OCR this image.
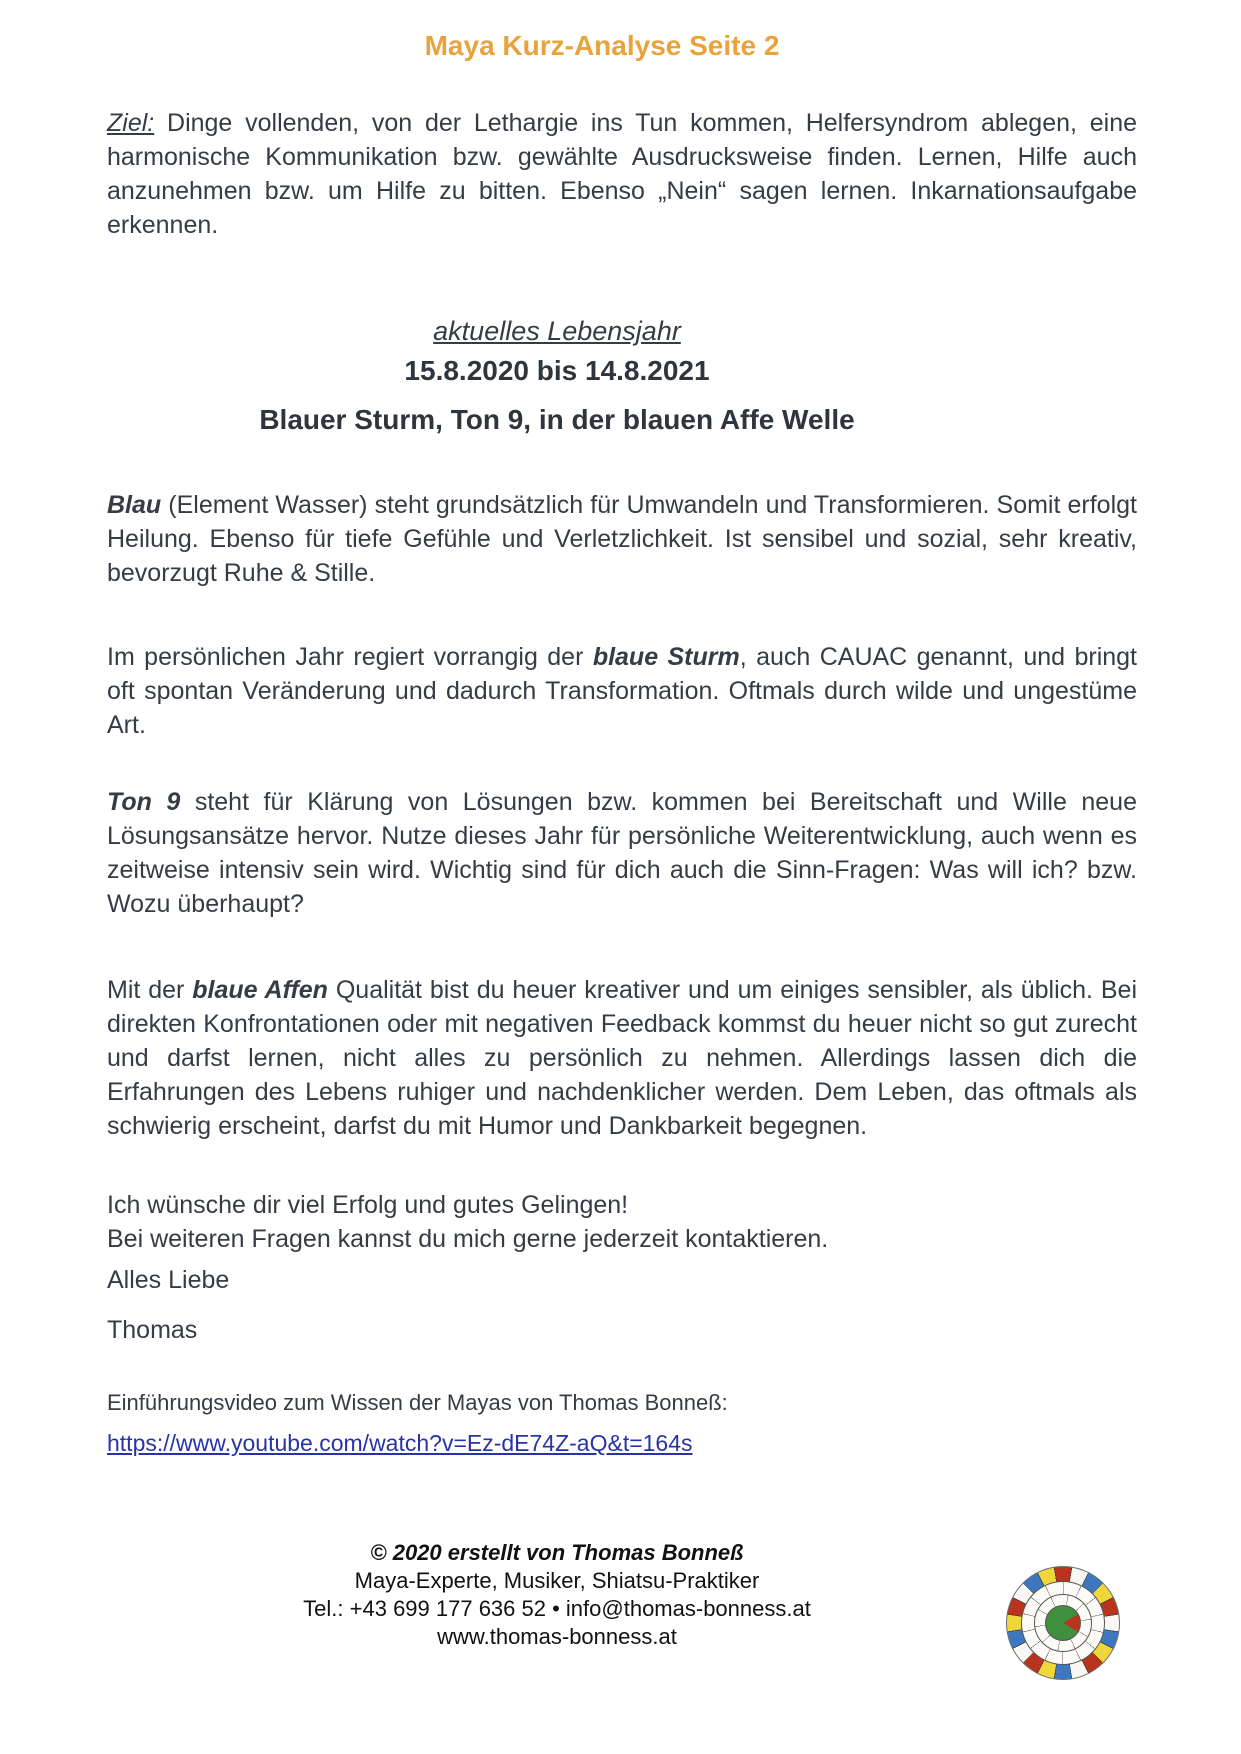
Maya Kurz-Analyse Seite 2

Ziel: Dinge vollenden, von der Lethargie ins Tun kommen, Helfersyndrom ablegen, eine harmonische Kommunikation bzw. gewählte Ausdrucksweise finden. Lernen, Hilfe auch anzunehmen bzw. um Hilfe zu bitten. Ebenso „Nein“ sagen lernen. Inkarnationsaufgabe erkennen.

aktuelles Lebensjahr
15.8.2020 bis 14.8.2021
Blauer Sturm, Ton 9, in der blauen Affe Welle

Blau (Element Wasser) steht grundsätzlich für Umwandeln und Transformieren. Somit erfolgt Heilung. Ebenso für tiefe Gefühle und Verletzlichkeit. Ist sensibel und sozial, sehr kreativ, bevorzugt Ruhe & Stille.

Im persönlichen Jahr regiert vorrangig der blaue Sturm, auch CAUAC genannt, und bringt oft spontan Veränderung und dadurch Transformation. Oftmals durch wilde und ungestüme Art.

Ton 9 steht für Klärung von Lösungen bzw. kommen bei Bereitschaft und Wille neue Lösungsansätze hervor. Nutze dieses Jahr für persönliche Weiterentwicklung, auch wenn es zeitweise intensiv sein wird. Wichtig sind für dich auch die Sinn-Fragen: Was will ich? bzw. Wozu überhaupt?

Mit der blaue Affen Qualität bist du heuer kreativer und um einiges sensibler, als üblich. Bei direkten Konfrontationen oder mit negativen Feedback kommst du heuer nicht so gut zurecht und darfst lernen, nicht alles zu persönlich zu nehmen. Allerdings lassen dich die Erfahrungen des Lebens ruhiger und nachdenklicher werden. Dem Leben, das oftmals als schwierig erscheint, darfst du mit Humor und Dankbarkeit begegnen.

Ich wünsche dir viel Erfolg und gutes Gelingen!
Bei weiteren Fragen kannst du mich gerne jederzeit kontaktieren.

Alles Liebe

Thomas

Einführungsvideo zum Wissen der Mayas von Thomas Bonneß:

https://www.youtube.com/watch?v=Ez-dE74Z-aQ&t=164s

© 2020 erstellt von Thomas Bonneß
Maya-Experte, Musiker, Shiatsu-Praktiker
Tel.: +43 699 177 636 52 • info@thomas-bonness.at
www.thomas-bonness.at
